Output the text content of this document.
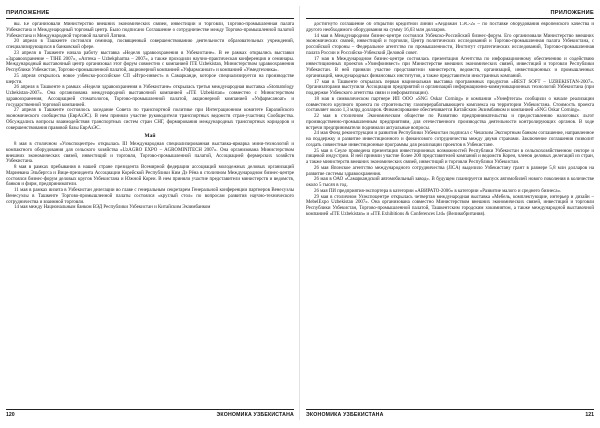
ПРИЛОЖЕНИЕ

вы. Ее организовали Министерство внешних экономических связей, инвестиций и торговли, Торгово-промышленная палата Узбекистана и Международный торговый центр. Было подписано Соглашение о сотрудничестве между Торгово-промышленной палатой Узбекистана и Международной торговой палатой Латвии.

20 апреля в Ташкенте состоялся семинар, посвященный совершенствованию деятельности образовательных учреждений, специализирующихся в банковской сфере.

23 апреля в Ташкенте начала работу выставка «Неделя здравоохранения в Узбекистане». В ее рамках открылись выставки «Здравоохранение – TIHE 2007», «Аптека – Uzbekpharma – 2007», а также проходили научно-практическая конференция и семинары. Международный выставочный центр организовал этот форум совместно с компанией ITE Uzbekistan, Министерством здравоохранения Республики Узбекистан, Торгово-промышленной палатой, акционерной компанией «Узфармсаноат» и компанией «Узмедтехника».

25 апреля открылось новое узбекско-российское СП «Итро-инвест» в Самарканде, которое специализируется на производстве шерсти.

26 апреля в Ташкенте в рамках «Недели здравоохранения в Узбекистане» открылась третья международная выставка «Stomatology Uzbekistan-2007». Она организована международной выставочной компанией «ITE Uzbekistan» совместно с Министерством здравоохранения, Ассоциацией стоматологов, Торгово-промышленной палатой, акционерной компанией «Узфармсаноат» и государственной торговой компанией.

27 апреля в Ташкенте состоялось заседание Совета по транспортной политике при Интеграционном комитете Евразийского экономического сообщества (ЕврАзЭС). В нем приняли участие руководители транспортных ведомств стран-участниц Сообщества. Обсуждались вопросы взаимодействия транспортных систем стран СНГ, формирования международных транспортных коридоров и совершенствования правовой базы ЕврАзЭС.

Май

8 мая в столичном «Узэкспоцентре» открылась III Международная специализированная выставка-ярмарка мини-технологий и компактного оборудования для сельского хозяйства «UzAGRO EXPO – AGROMINITECH 2007». Она организована Министерством внешних экономических связей, инвестиций и торговли, Торгово-промышленной палатой, Ассоциацией фермерских хозяйств Узбекистана.

8 мая в рамках пребывания в нашей стране президента Всемирной федерации ассоциаций молодежных деловых организаций Мариевана Эльбергса и Вице-президента Ассоциации Корейской Республики Ким Дэ Рёна в столичном Международном бизнес-центре состоялся бизнес-форум деловых кругов Узбекистана и Южной Кореи. В нем приняли участие представители министерств и ведомств, банков и фирм, предприниматели.

11 мая в рамках визита в Узбекистан делегации во главе с генеральным секретарем Генеральной конференции партнеров Венесуэлы Венесуэлы в Ташкенте Торгово-промышленной палаты состоялся «круглый стол» по вопросам развития научно-технического сотрудничества и взаимной торговли.

14 мая между Национальным банком ВЭД Республики Узбекистан и Китайским Экзимбанком

120	ЭКОНОМИКА УЗБЕКИСТАНА
ПРИЛОЖЕНИЕ

достигнуто соглашение об открытии кредитной линии «Андижан ТЭС-2» – по поставке оборудования европейского качества и другого необходимого оборудования на сумму 16,03 млн долларов.

14 мая в Международном бизнес-центре состоялся Узбекско-Российский бизнес-форум. Его организовали Министерство внешних экономических связей, инвестиций и торговли, Центр политических исследований и Торгово-промышленная палата Узбекистана, с российской стороны – Федеральное агентство по промышленности, Институт стратегических исследований, Торгово-промышленная палата России и Российско-Узбекский Деловой совет.

17 мая в Международном бизнес-центре состоялась презентация Агентства по информационному обеспечению и содействию инвестиционных проектов «Узинфоинвест» при Министерстве внешних экономических связей, инвестиций и торговли Республики Узбекистан. В ней приняли участие представители министерств, ведомств, организаций, инвестиционных и промышленных организаций, международных финансовых институтов, а также представители иностранных компаний.

17 мая в Ташкенте открылась первая национальная выставка программных продуктов «BEST SOFT – UZBEKISTAN-2007». Организаторами выступили Ассоциация предприятий и организаций информационно-коммуникационных технологий Узбекистана (при поддержке Узбекского агентства связи и информатизации).

18 мая в символическом партнере ИП ООО «SNG Oskar Corning» и компании «Узнефтегаз» сообщили о начале реализации совместного крупного проекта по строительству газоперерабатывающего комплекса на территории Узбекистана. Стоимость проекта составляет около 1,3 млрд долларов. Финансирование обеспечивается Китайским Экзимбанком и компанией «SNG Oskar Corning».

22 мая в столичном Экономическом обществе по Развитию предпринимательства и предоставлению налоговых льгот производственно-промышленным предприятиям, для отечественного производства деятельности контролирующих органов. В ходе встречи предприниматели поднимали актуальные вопросы.

24 мая Фонд реконструкции и развития Республики Узбекистан подписал с Чешским Экспортным банком соглашение, направленное на поддержку и развитие инвестиционного и финансового сотрудничества между двумя странами. Заключение соглашения позволит создать совместные инвестиционные программы для реализации проектов в Узбекистане.

25 мая в Сеуле проведена презентация инвестиционных возможностей Республики Узбекистан в сельскохозяйственном секторе и пищевой индустрии. В ней приняли участие более 200 представителей компаний и ведомств Кореи, членов деловых делегаций из стран, а также министерств внешних экономических связей, инвестиций и торговли Республики Узбекистан.

26 мая Японское агентство международного сотрудничества (JICA) выделило Узбекистану грант в размере 5,8 млн долларов на развитие системы здравоохранения.

26 мая в ОАО «Самаркандский автомобильный завод». В будущем планируется выпуск автомобилей нового поколения в количестве около 5 тысяч в год.

26 мая ПИ предприятия-экспортера в категории «АВИРАТО-2006» в категории «Развитие малого и среднего бизнеса».

29 мая в столичном Узэкспоцентре открылась четвертая международная выставка «Мебель, комплектующие, интерьер и дизайн – MebelExpo Uzbekistan 2007». Она организована совместно Министерством внешних экономических связей, инвестиций и торговли Республики Узбекистан, Торгово-промышленной палатой, Ташкентским городским хокимиятом, а также международной выставочной компанией «ITE Uzbekistan» и «ITE Exhibitions & Conferences Ltd» (Великобритания).

ЭКОНОМИКА УЗБЕКИСТАНА	121
